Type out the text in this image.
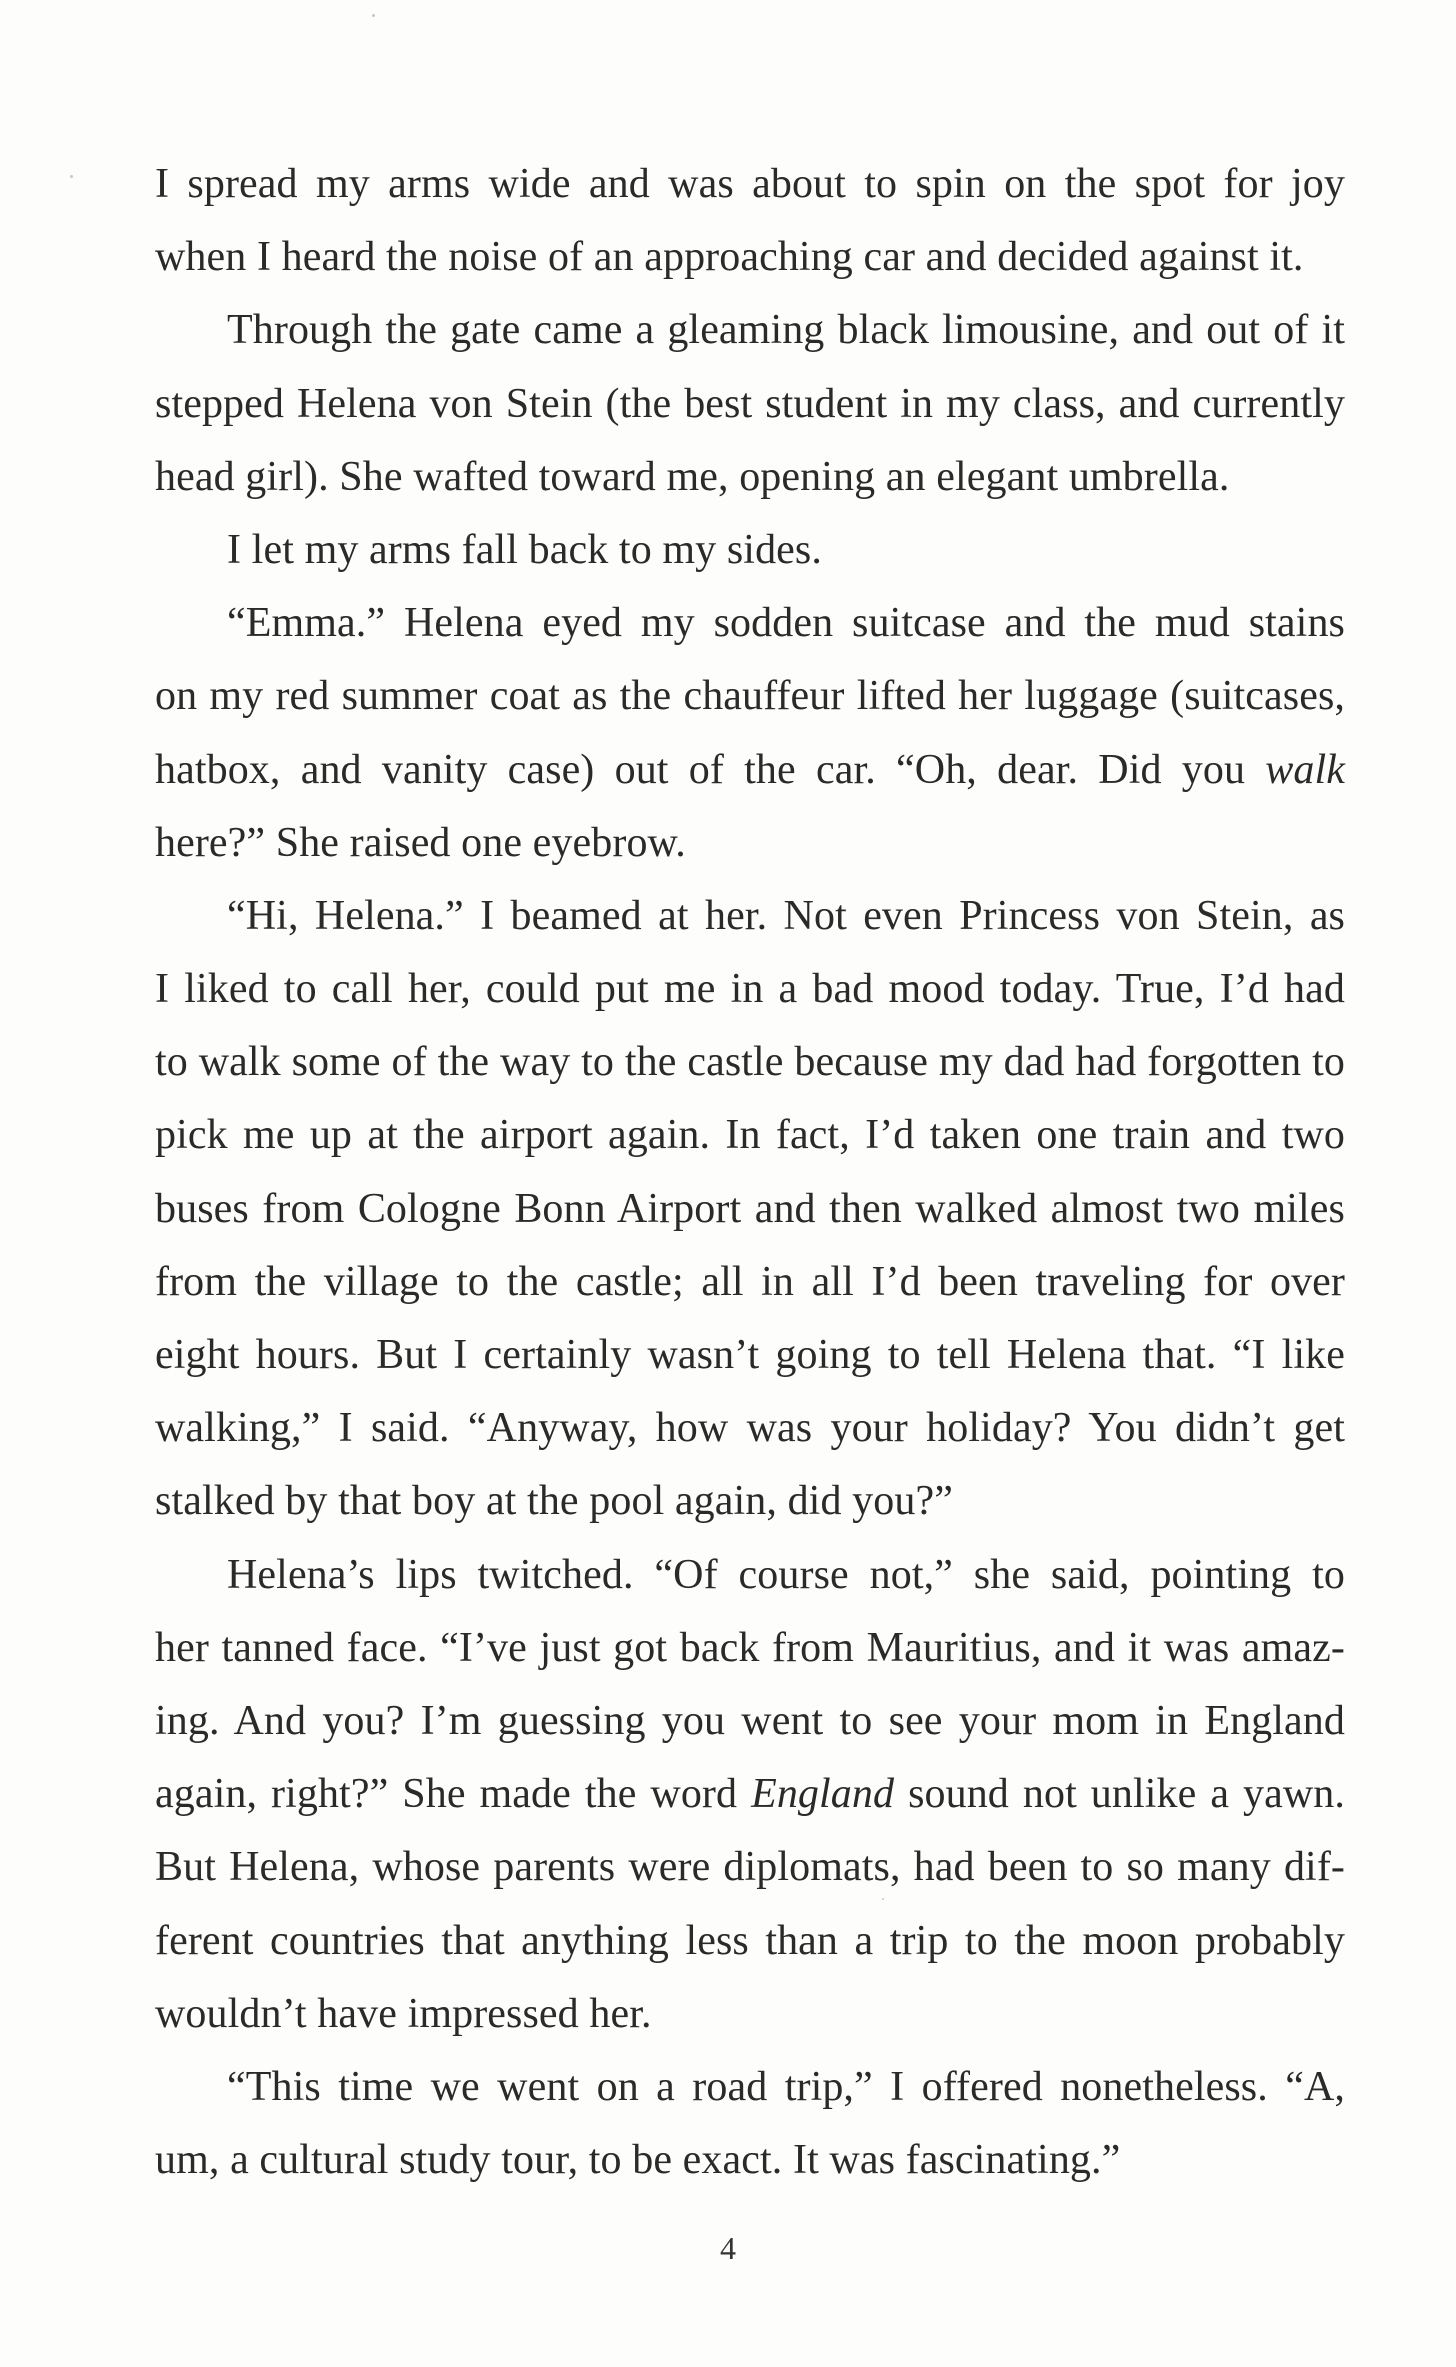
I spread my arms wide and was about to spin on the spot for joy
when I heard the noise of an approaching car and decided against it.
Through the gate came a gleaming black limousine, and out of it
stepped Helena von Stein (the best student in my class, and currently
head girl). She wafted toward me, opening an elegant umbrella.
I let my arms fall back to my sides.
“Emma.” Helena eyed my sodden suitcase and the mud stains
on my red summer coat as the chauffeur lifted her luggage (suitcases,
hatbox, and vanity case) out of the car. “Oh, dear. Did you walk
here?” She raised one eyebrow.
“Hi, Helena.” I beamed at her. Not even Princess von Stein, as
I liked to call her, could put me in a bad mood today. True, I’d had
to walk some of the way to the castle because my dad had forgotten to
pick me up at the airport again. In fact, I’d taken one train and two
buses from Cologne Bonn Airport and then walked almost two miles
from the village to the castle; all in all I’d been traveling for over
eight hours. But I certainly wasn’t going to tell Helena that. “I like
walking,” I said. “Anyway, how was your holiday? You didn’t get
stalked by that boy at the pool again, did you?”
Helena’s lips twitched. “Of course not,” she said, pointing to
her tanned face. “I’ve just got back from Mauritius, and it was amaz-
ing. And you? I’m guessing you went to see your mom in England
again, right?” She made the word England sound not unlike a yawn.
But Helena, whose parents were diplomats, had been to so many dif-
ferent countries that anything less than a trip to the moon probably
wouldn’t have impressed her.
“This time we went on a road trip,” I offered nonetheless. “A,
um, a cultural study tour, to be exact. It was fascinating.”
4
